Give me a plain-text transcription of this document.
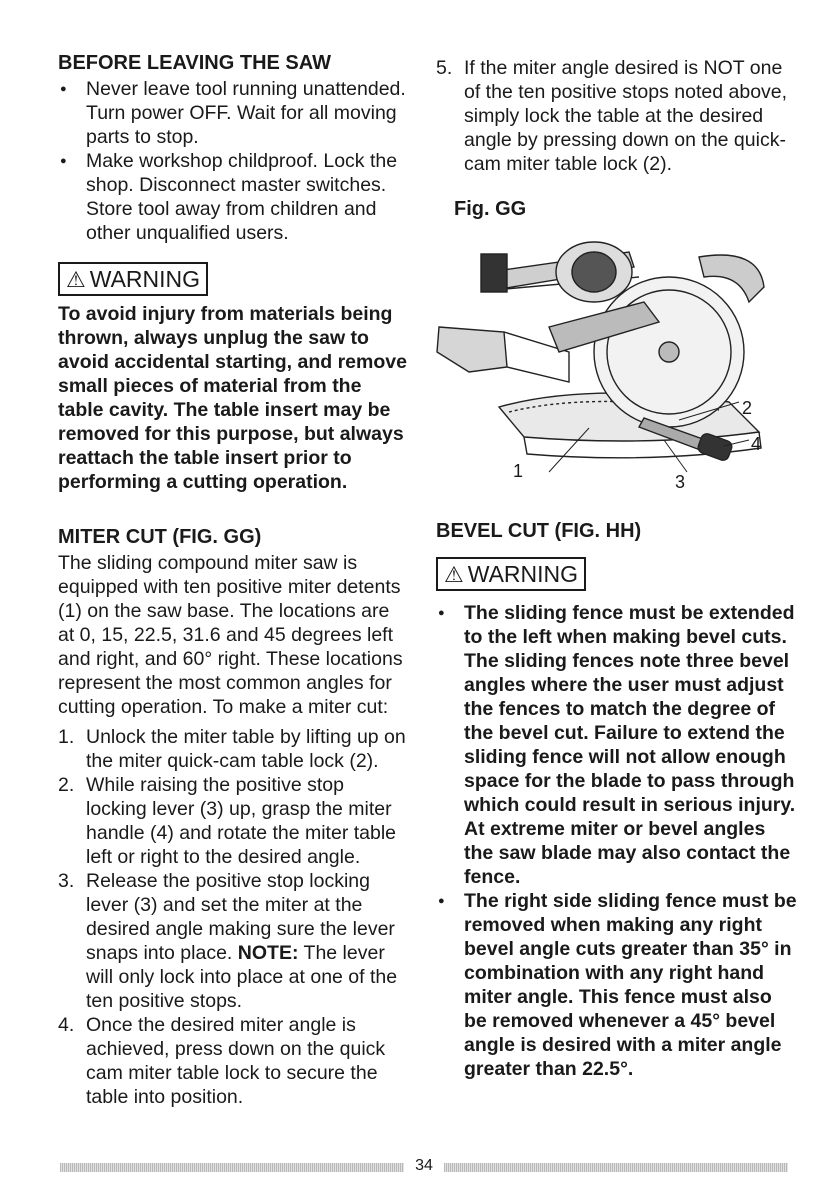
BEFORE LEAVING THE SAW
● Never leave tool running unattended. Turn power OFF. Wait for all moving parts to stop.
● Make workshop childproof. Lock the shop. Disconnect master switches. Store tool away from children and other unqualified users.
⚠ WARNING

To avoid injury from materials being thrown, always unplug the saw to avoid accidental starting, and remove small pieces of material from the table cavity. The table insert may be removed for this purpose, but always reattach the table insert prior to performing a cutting operation.

MITER CUT (FIG. GG)

The sliding compound miter saw is equipped with ten positive miter detents (1) on the saw base. The locations are at 0, 15, 22.5, 31.6 and 45 degrees left and right, and 60° right. These locations represent the most common angles for cutting operation. To make a miter cut:

1. Unlock the miter table by lifting up on the miter quick-cam table lock (2).
2. While raising the positive stop locking lever (3) up, grasp the miter handle (4) and rotate the miter table left or right to the desired angle.
3. Release the positive stop locking lever (3) and set the miter at the desired angle making sure the lever snaps into place. NOTE: The lever will only lock into place at one of the ten positive stops.
4. Once the desired miter angle is achieved, press down on the quick cam miter table lock to secure the table into position.
5. If the miter angle desired is NOT one of the ten positive stops noted above, simply lock the table at the desired angle by pressing down on the quick-cam miter table lock (2).
Fig. GG
1
2
3
4
BEVEL CUT (FIG. HH)
⚠ WARNING
● The sliding fence must be extended to the left when making bevel cuts. The sliding fences note three bevel angles where the user must adjust the fences to match the degree of the bevel cut. Failure to extend the sliding fence will not allow enough space for the blade to pass through which could result in serious injury. At extreme miter or bevel angles the saw blade may also contact the fence.
● The right side sliding fence must be removed when making any right bevel angle cuts greater than 35° in combination with any right hand miter angle. This fence must also be removed whenever a 45° bevel angle is desired with a miter angle greater than 22.5°.
34
